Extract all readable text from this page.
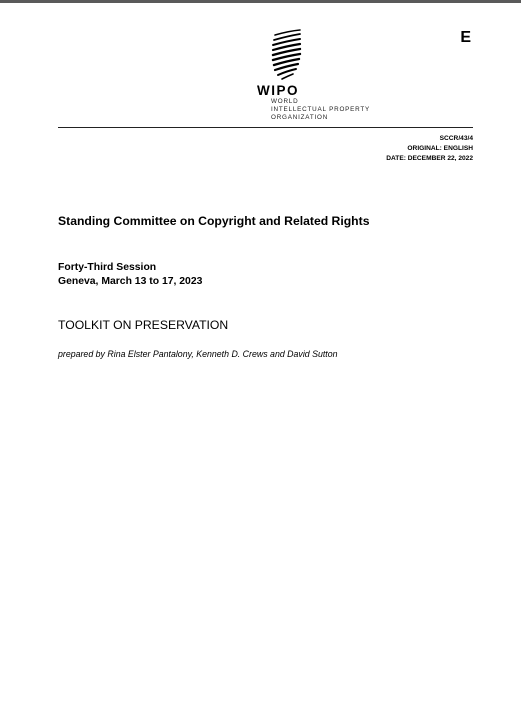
E
WIPO
WORLD
INTELLECTUAL PROPERTY
ORGANIZATION
SCCR/43/4
ORIGINAL: ENGLISH
DATE: DECEMBER 22, 2022
Standing Committee on Copyright and Related Rights
Forty-Third Session
Geneva, March 13 to 17, 2023
TOOLKIT ON PRESERVATION
prepared by Rina Elster Pantalony, Kenneth D. Crews and David Sutton
